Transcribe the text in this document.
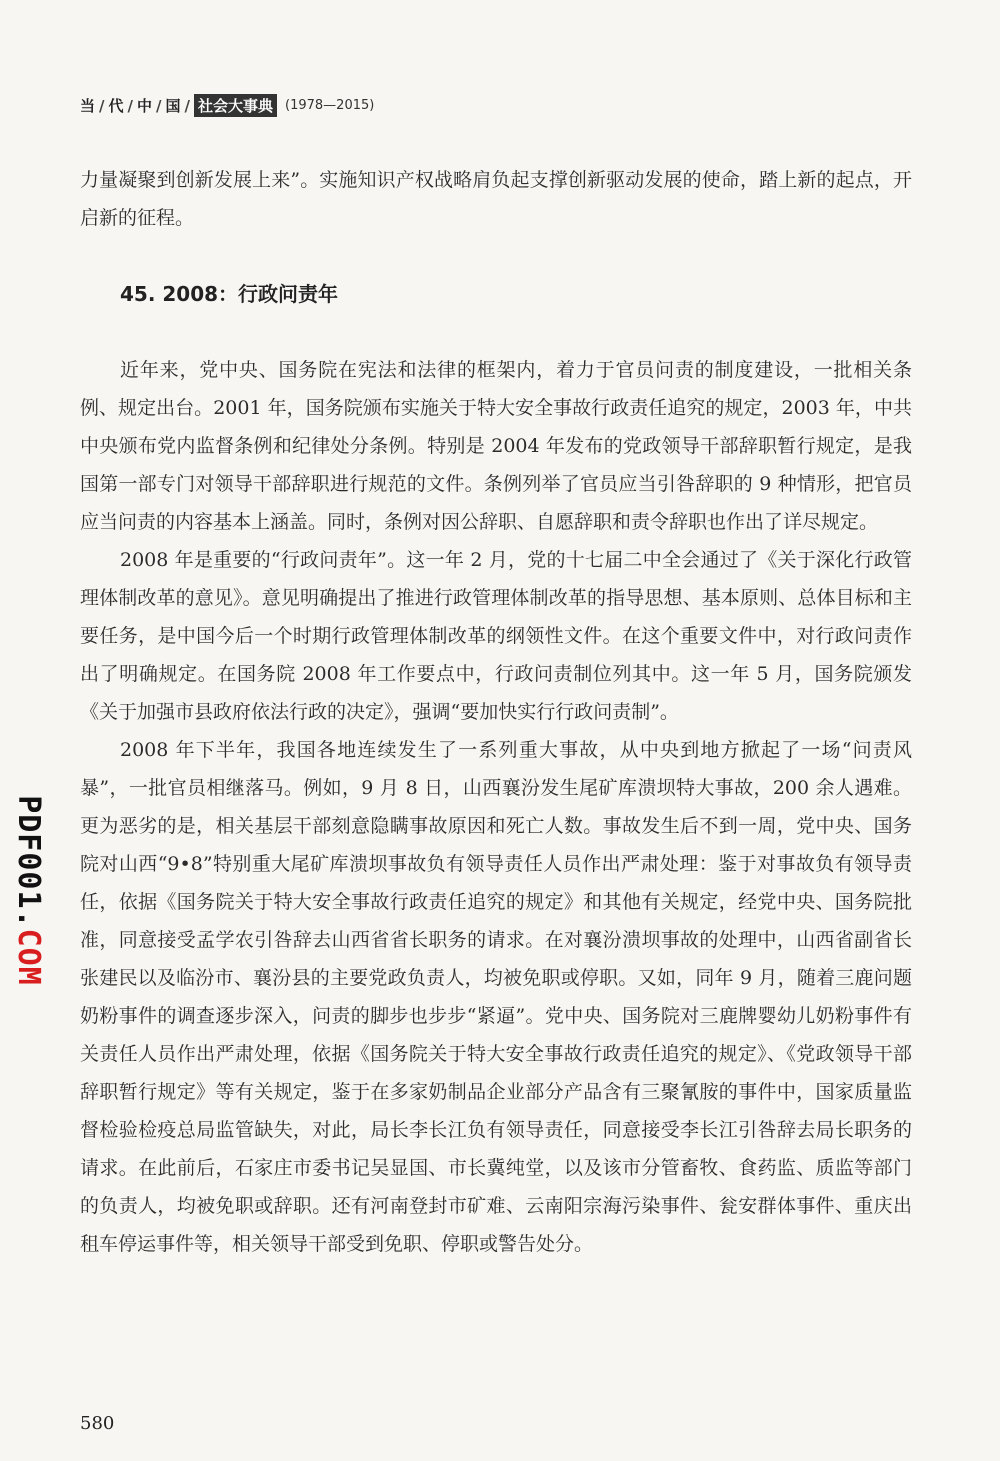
当 / 代 / 中 / 国 / 社会大事典 (1978—2015)
力量凝聚到创新发展上来”。实施知识产权战略肩负起支撑创新驱动发展的使命，踏上新的起点，开启新的征程。
45. 2008：行政问责年

近年来，党中央、国务院在宪法和法律的框架内，着力于官员问责的制度建设，一批相关条例、规定出台。2001 年，国务院颁布实施关于特大安全事故行政责任追究的规定，2003 年，中共中央颁布党内监督条例和纪律处分条例。特别是 2004 年发布的党政领导干部辞职暂行规定，是我国第一部专门对领导干部辞职进行规范的文件。条例列举了官员应当引咎辞职的 9 种情形，把官员应当问责的内容基本上涵盖。同时，条例对因公辞职、自愿辞职和责令辞职也作出了详尽规定。

2008 年是重要的“行政问责年”。这一年 2 月，党的十七届二中全会通过了《关于深化行政管理体制改革的意见》。意见明确提出了推进行政管理体制改革的指导思想、基本原则、总体目标和主要任务，是中国今后一个时期行政管理体制改革的纲领性文件。在这个重要文件中，对行政问责作出了明确规定。在国务院 2008 年工作要点中，行政问责制位列其中。这一年 5 月，国务院颁发《关于加强市县政府依法行政的决定》，强调“要加快实行行政问责制”。

2008 年下半年，我国各地连续发生了一系列重大事故，从中央到地方掀起了一场“问责风暴”，一批官员相继落马。例如，9 月 8 日，山西襄汾发生尾矿库溃坝特大事故，200 余人遇难。更为恶劣的是，相关基层干部刻意隐瞒事故原因和死亡人数。事故发生后不到一周，党中央、国务院对山西“9•8”特别重大尾矿库溃坝事故负有领导责任人员作出严肃处理：鉴于对事故负有领导责任，依据《国务院关于特大安全事故行政责任追究的规定》和其他有关规定，经党中央、国务院批准，同意接受孟学农引咎辞去山西省省长职务的请求。在对襄汾溃坝事故的处理中，山西省副省长张建民以及临汾市、襄汾县的主要党政负责人，均被免职或停职。又如，同年 9 月，随着三鹿问题奶粉事件的调查逐步深入，问责的脚步也步步“紧逼”。党中央、国务院对三鹿牌婴幼儿奶粉事件有关责任人员作出严肃处理，依据《国务院关于特大安全事故行政责任追究的规定》、《党政领导干部辞职暂行规定》等有关规定，鉴于在多家奶制品企业部分产品含有三聚氰胺的事件中，国家质量监督检验检疫总局监管缺失，对此，局长李长江负有领导责任，同意接受李长江引咎辞去局长职务的请求。在此前后，石家庄市委书记吴显国、市长冀纯堂，以及该市分管畜牧、食药监、质监等部门的负责人，均被免职或辞职。还有河南登封市矿难、云南阳宗海污染事件、瓮安群体事件、重庆出租车停运事件等，相关领导干部受到免职、停职或警告处分。

PDF001.COM
580
